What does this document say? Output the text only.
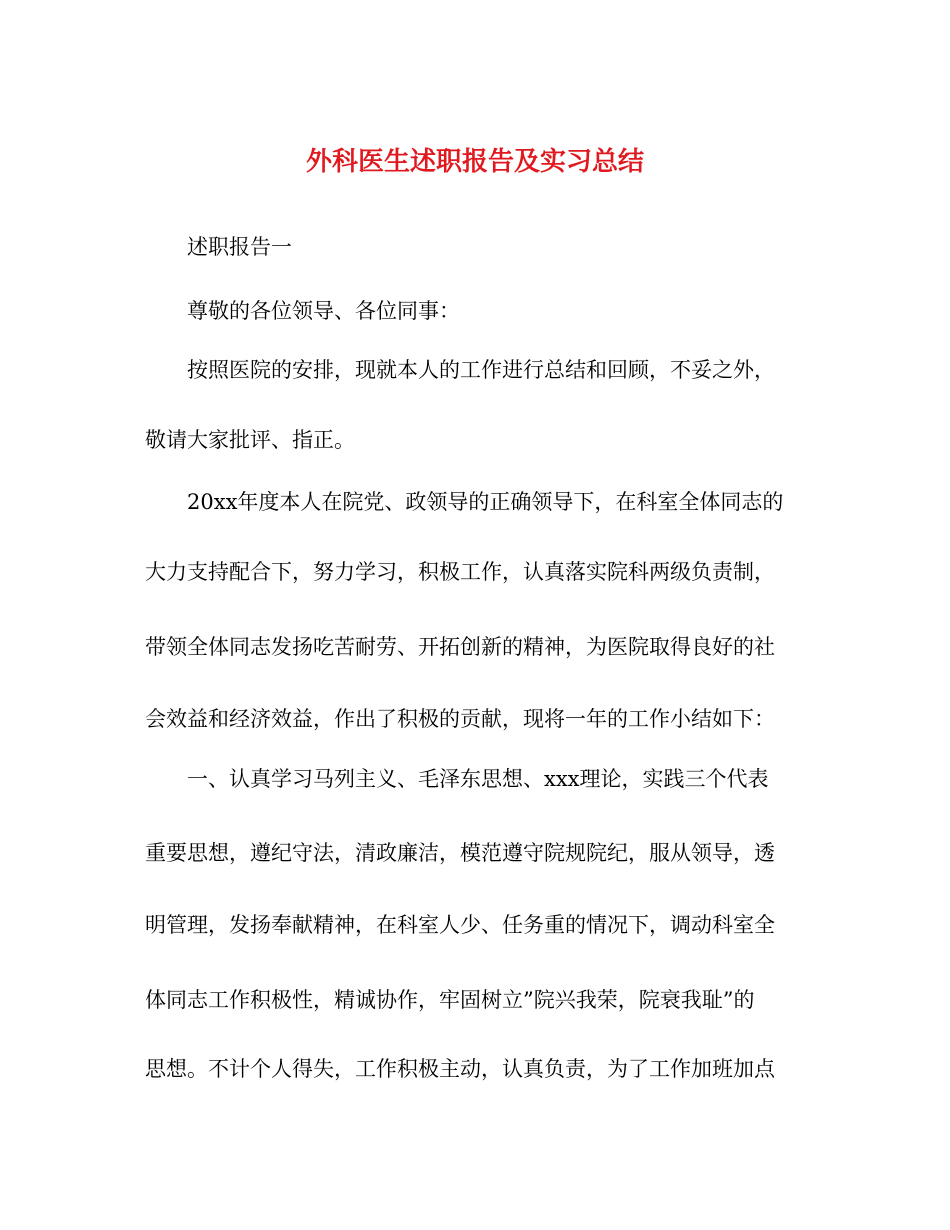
外科医生述职报告及实习总结

述职报告一

尊敬的各位领导、各位同事：

按照医院的安排，现就本人的工作进行总结和回顾，不妥之外，

敬请大家批评、指正。

20xx年度本人在院党、政领导的正确领导下，在科室全体同志的

大力支持配合下，努力学习，积极工作，认真落实院科两级负责制，

带领全体同志发扬吃苦耐劳、开拓创新的精神，为医院取得良好的社

会效益和经济效益，作出了积极的贡献，现将一年的工作小结如下：

一、认真学习马列主义、毛泽东思想、xxx理论，实践三个代表

重要思想，遵纪守法，清政廉洁，模范遵守院规院纪，服从领导，透

明管理，发扬奉献精神，在科室人少、任务重的情况下，调动科室全

体同志工作积极性，精诚协作，牢固树立”院兴我荣，院衰我耻”的

思想。不计个人得失，工作积极主动，认真负责，为了工作加班加点
